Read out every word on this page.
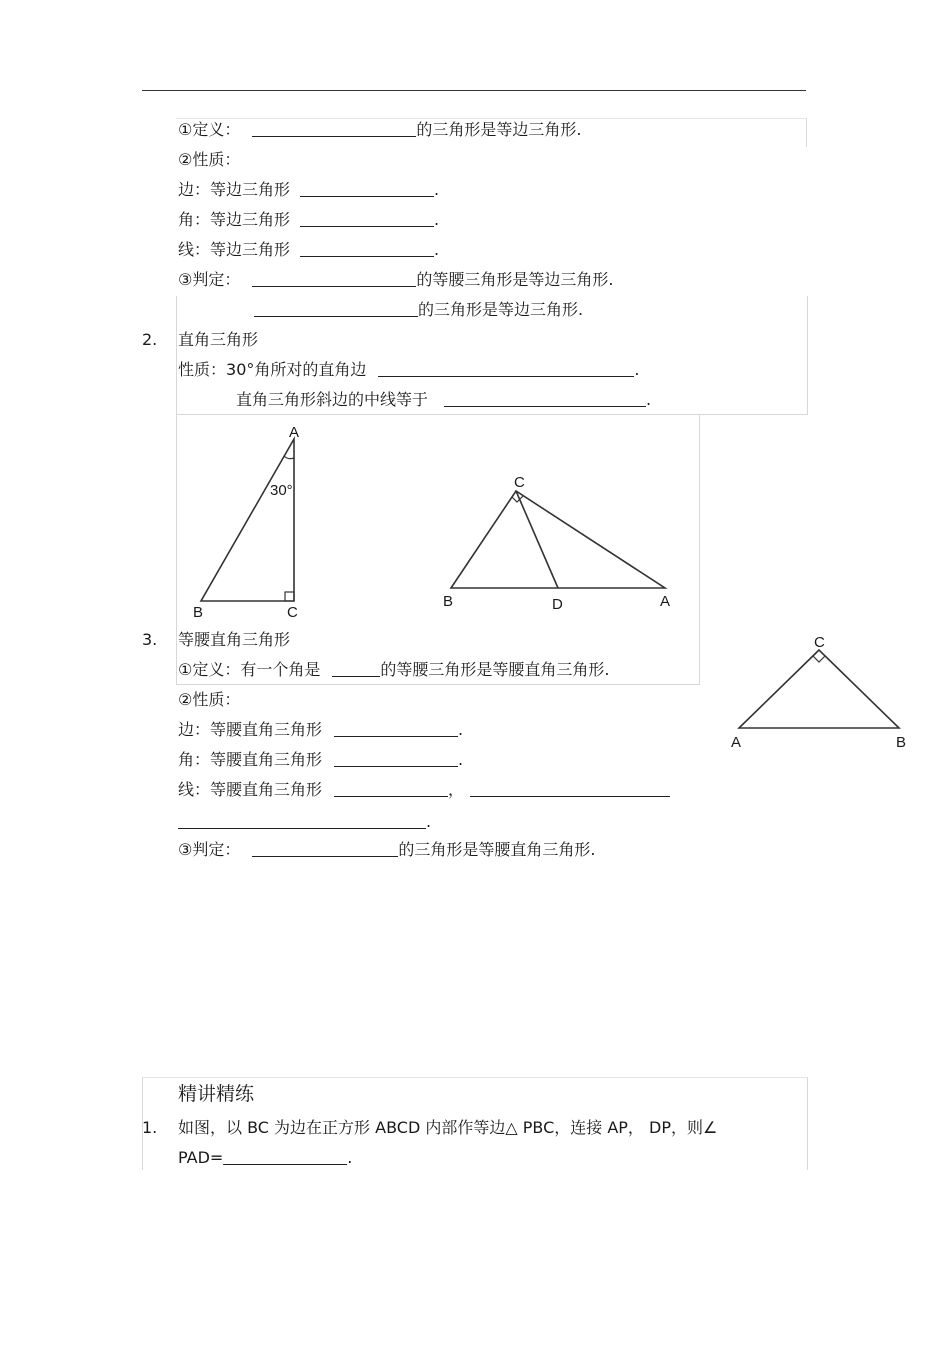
①定义：	的三角形是等边三角形.
②性质：
边：等边三角形	.
角：等边三角形	.
线：等边三角形	.
③判定：	的等腰三角形是等边三角形.
的三角形是等边三角形.
2. 直角三角形
性质：30°角所对的直角边	.
直角三角形斜边的中线等于	.
A
30°
B	C
C
B	D	A
C
A	B
3. 等腰直角三角形
①定义：有一个角是	的等腰三角形是等腰直角三角形.
②性质：
边：等腰直角三角形	.
角：等腰直角三角形	.
线：等腰直角三角形	，
.
③判定：	的三角形是等腰直角三角形.
精讲精练
1. 如图，以 BC 为边在正方形 ABCD 内部作等边△ PBC，连接 AP， DP，则∠
PAD=	.
